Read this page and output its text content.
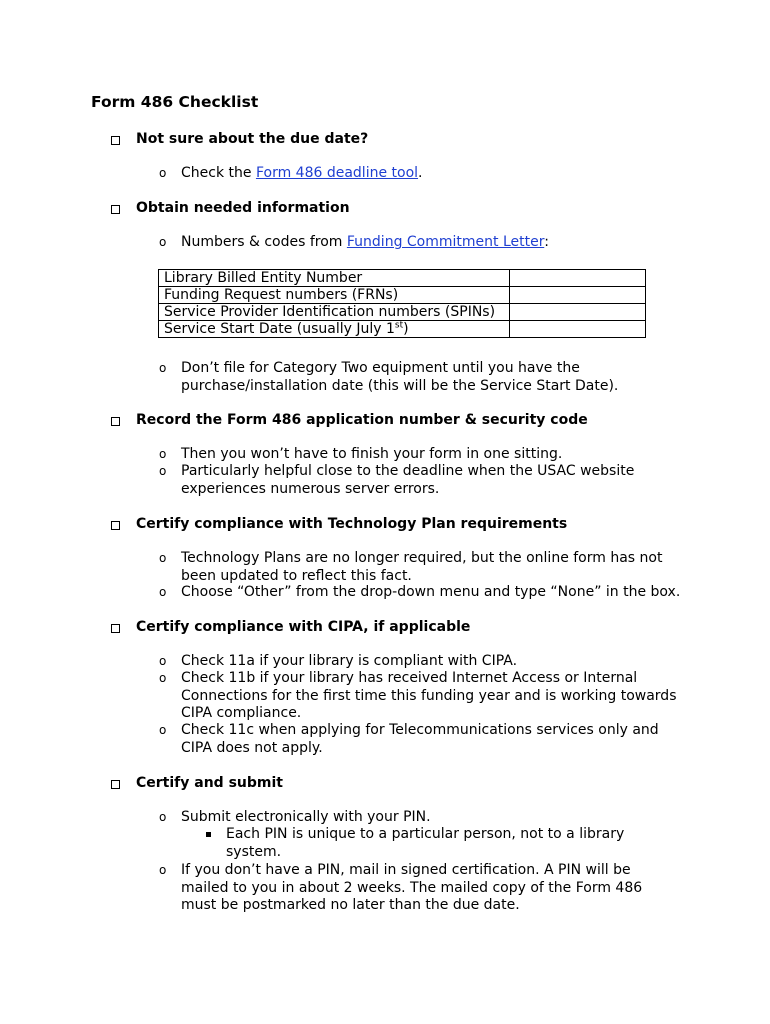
Form 486 Checklist
Not sure about the due date?
o Check the Form 486 deadline tool.
Obtain needed information
o Numbers & codes from Funding Commitment Letter:
Library Billed Entity Number	
Funding Request numbers (FRNs)	
Service Provider Identification numbers (SPINs)	
Service Start Date (usually July 1st)	
o Don’t file for Category Two equipment until you have the
purchase/installation date (this will be the Service Start Date).
Record the Form 486 application number & security code
o Then you won’t have to finish your form in one sitting.
o Particularly helpful close to the deadline when the USAC website
experiences numerous server errors.
Certify compliance with Technology Plan requirements
o Technology Plans are no longer required, but the online form has not
been updated to reflect this fact.
o Choose “Other” from the drop-down menu and type “None” in the box.
Certify compliance with CIPA, if applicable
o Check 11a if your library is compliant with CIPA.
o Check 11b if your library has received Internet Access or Internal
Connections for the first time this funding year and is working towards
CIPA compliance.
o Check 11c when applying for Telecommunications services only and
CIPA does not apply.
Certify and submit
o Submit electronically with your PIN.
Each PIN is unique to a particular person, not to a library
system.
o If you don’t have a PIN, mail in signed certification. A PIN will be
mailed to you in about 2 weeks. The mailed copy of the Form 486
must be postmarked no later than the due date.
